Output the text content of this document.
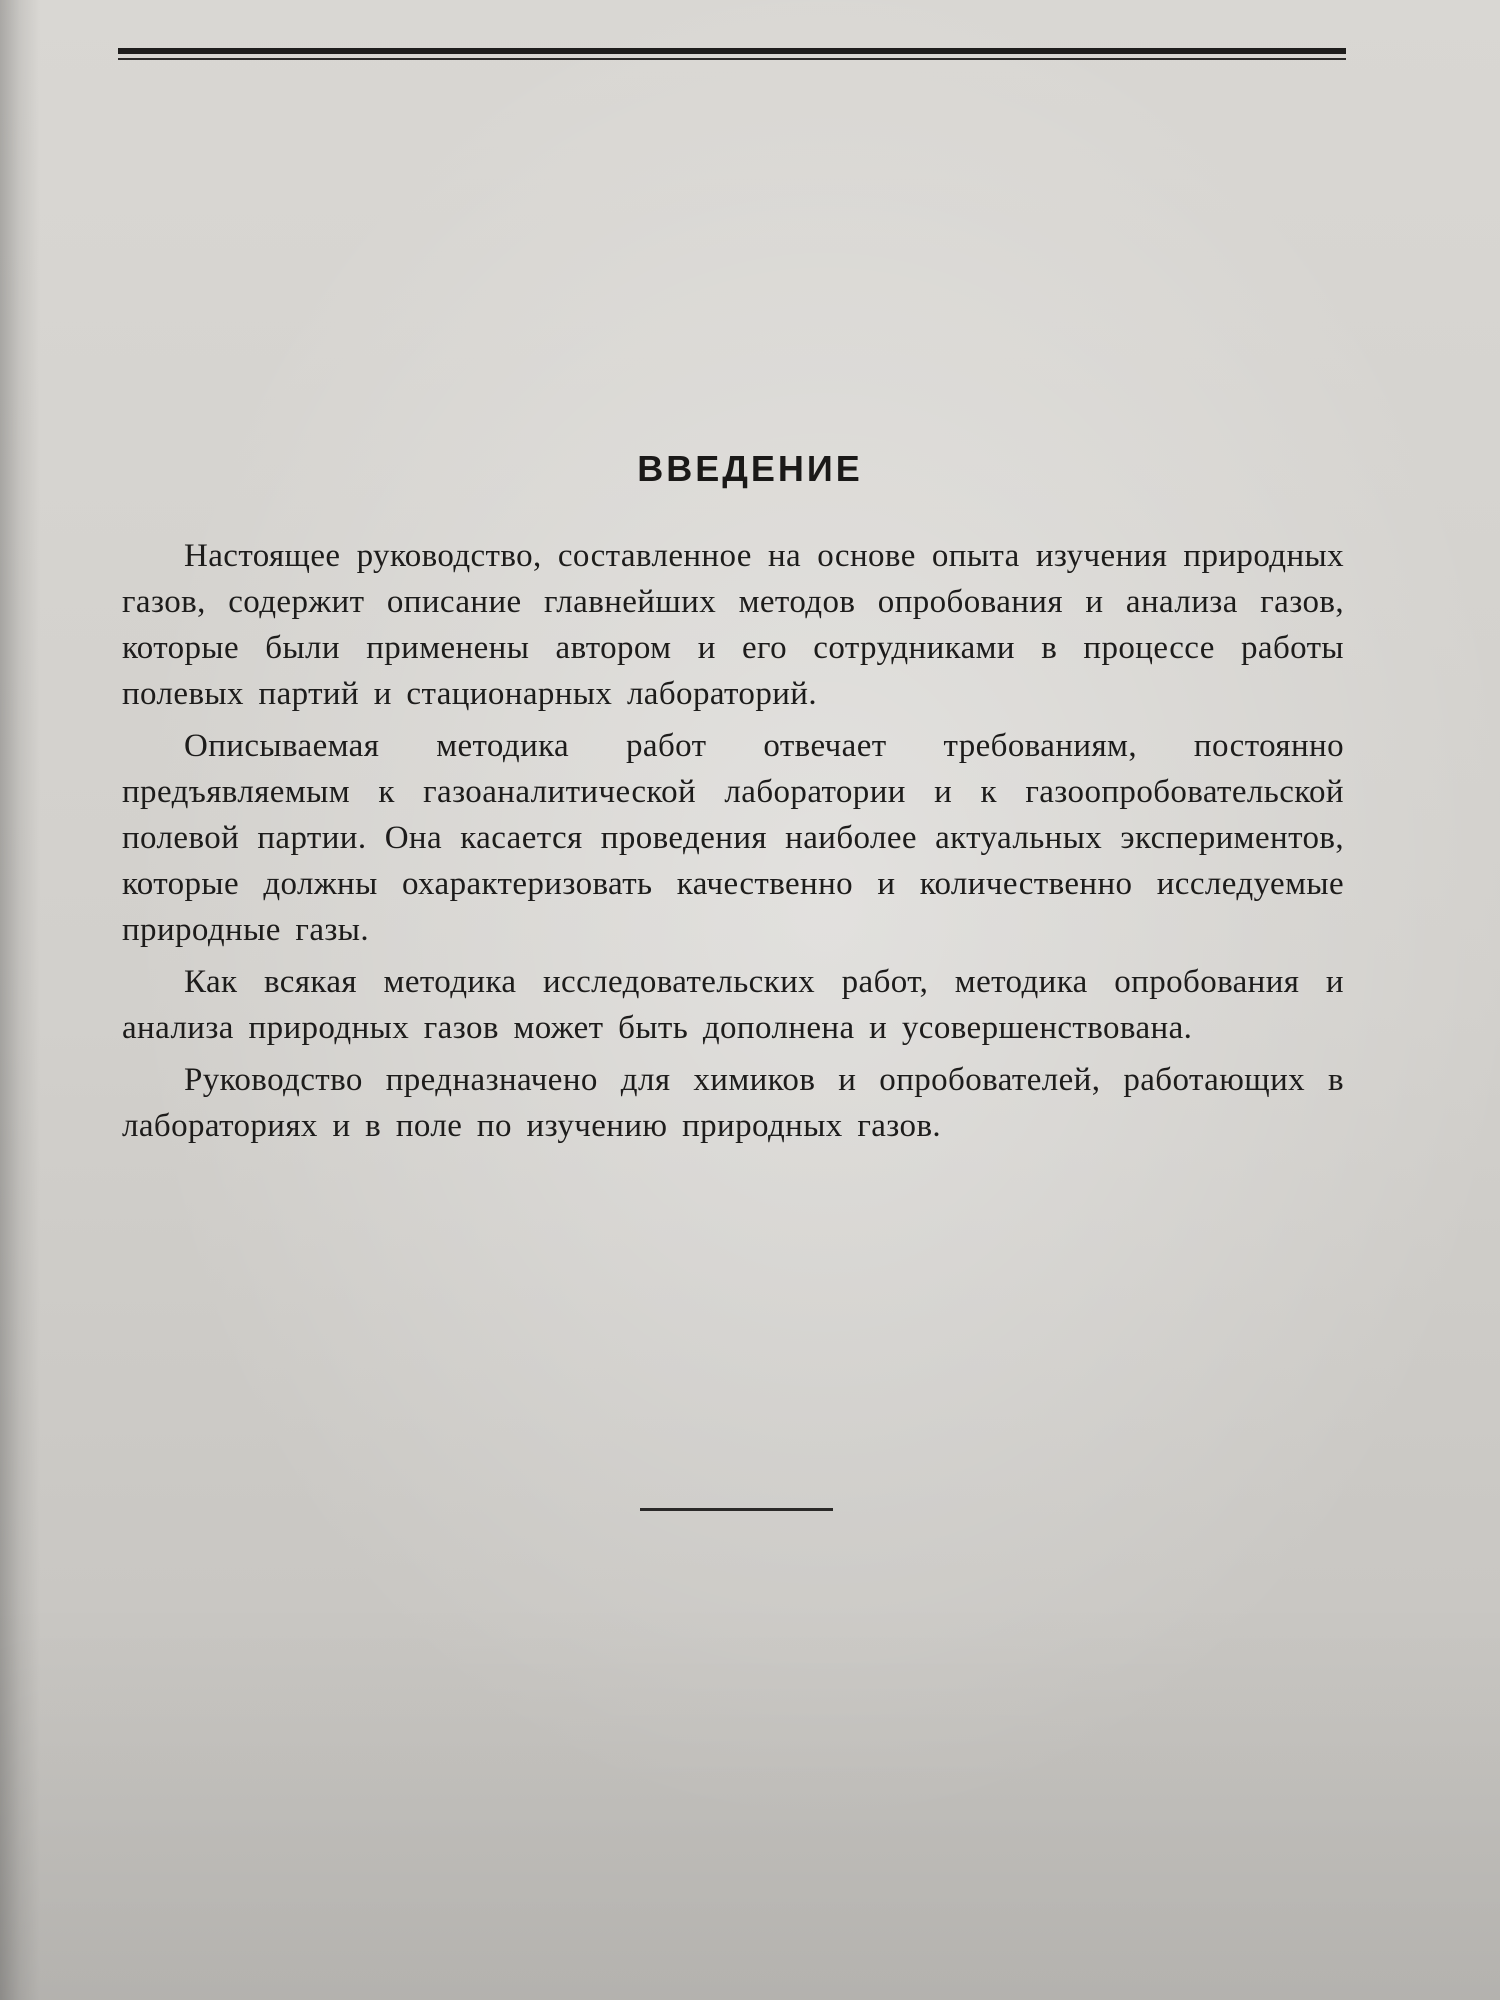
ВВЕДЕНИЕ

Настоящее руководство, составленное на основе опыта изучения природных газов, содержит описание главнейших методов опробования и анализа газов, которые были применены автором и его сотрудниками в процессе работы полевых партий и стационарных лабораторий.

Описываемая методика работ отвечает требованиям, постоянно предъявляемым к газоаналитической лаборатории и к газоопробовательской полевой партии. Она касается проведения наиболее актуальных экспериментов, которые должны охарактеризовать качественно и количественно исследуемые природные газы.

Как всякая методика исследовательских работ, методика опробования и анализа природных газов может быть дополнена и усовершенствована.

Руководство предназначено для химиков и опробователей, работающих в лабораториях и в поле по изучению природных газов.
